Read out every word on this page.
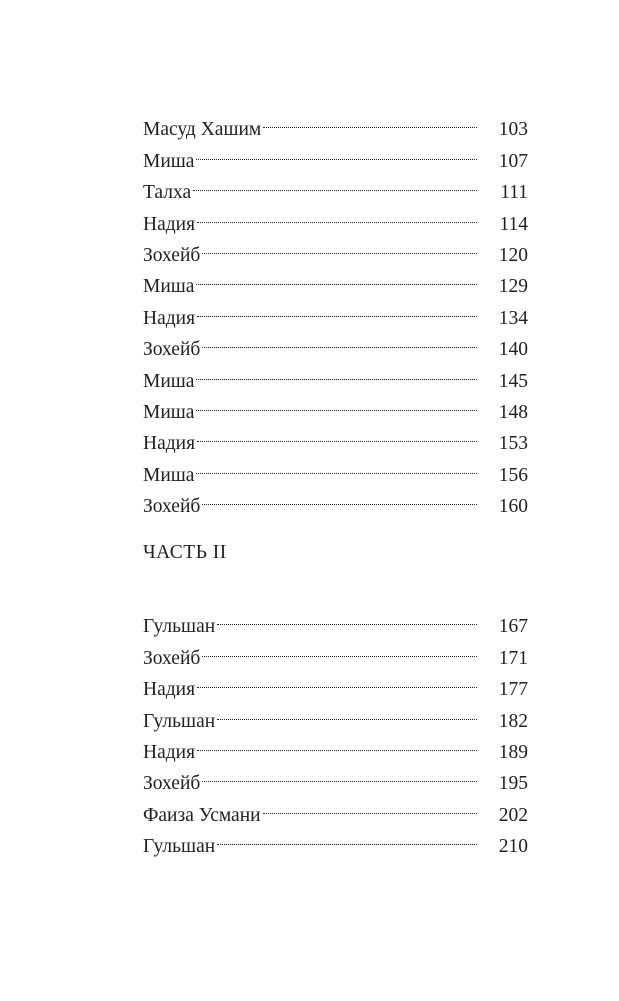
Масуд Хашим	103
Миша	107
Талха	111
Надия	114
Зохейб	120
Миша	129
Надия	134
Зохейб	140
Миша	145
Миша	148
Надия	153
Миша	156
Зохейб	160
ЧАСТЬ II
Гульшан	167
Зохейб	171
Надия	177
Гульшан	182
Надия	189
Зохейб	195
Фаиза Усмани	202
Гульшан	210
